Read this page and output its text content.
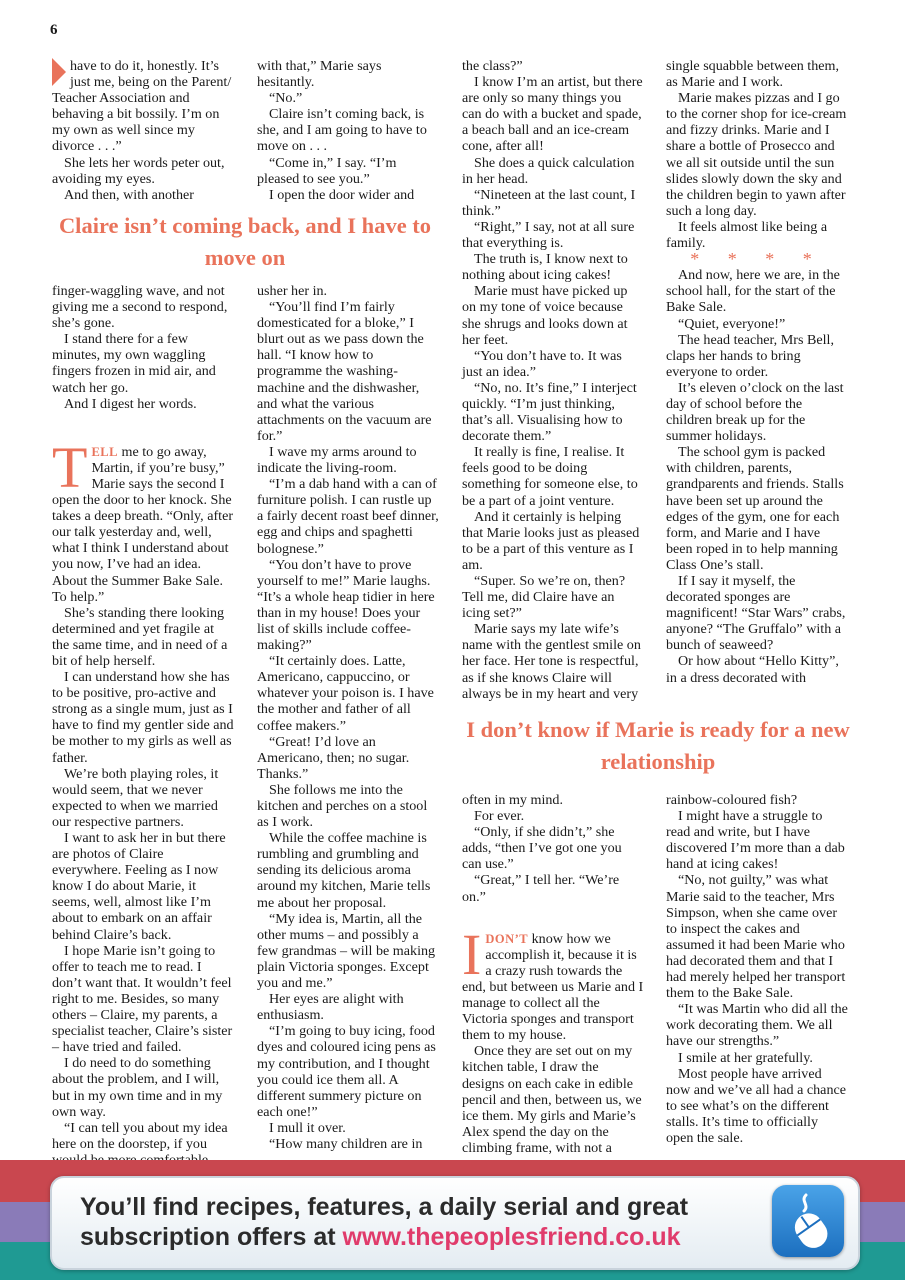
6

have to do it, honestly. It’s just me, being on the Parent/ Teacher Association and behaving a bit bossily. I’m on my own as well since my divorce . . .”

She lets her words peter out, avoiding my eyes.

And then, with another

with that,” Marie says hesitantly.

“No.”

Claire isn’t coming back, is she, and I am going to have to move on . . .

“Come in,” I say. “I’m pleased to see you.”

I open the door wider and

Claire isn’t coming back, and I have to move on

finger-waggling wave, and not giving me a second to respond, she’s gone.

I stand there for a few minutes, my own waggling fingers frozen in mid air, and watch her go.

And I digest her words.

T ELL me to go away, Martin, if you’re busy,” Marie says the second I open the door to her knock. She takes a deep breath. “Only, after our talk yesterday and, well, what I think I understand about you now, I’ve had an idea. About the Summer Bake Sale. To help.”

She’s standing there looking determined and yet fragile at the same time, and in need of a bit of help herself.

I can understand how she has to be positive, pro-active and strong as a single mum, just as I have to find my gentler side and be mother to my girls as well as father.

We’re both playing roles, it would seem, that we never expected to when we married our respective partners.

I want to ask her in but there are photos of Claire everywhere. Feeling as I now know I do about Marie, it seems, well, almost like I’m about to embark on an affair behind Claire’s back.

I hope Marie isn’t going to offer to teach me to read. I don’t want that. It wouldn’t feel right to me. Besides, so many others – Claire, my parents, a specialist teacher, Claire’s sister – have tried and failed.

I do need to do something about the problem, and I will, but in my own time and in my own way.

“I can tell you about my idea here on the doorstep, if you

usher her in.

“You’ll find I’m fairly domesticated for a bloke,” I blurt out as we pass down the hall. “I know how to programme the washing-machine and the dishwasher, and what the various attachments on the vacuum are for.”

I wave my arms around to indicate the living-room.

“I’m a dab hand with a can of furniture polish. I can rustle up a fairly decent roast beef dinner, egg and chips and spaghetti bolognese.”

“You don’t have to prove yourself to me!” Marie laughs. “It’s a whole heap tidier in here than in my house! Does your list of skills include coffee-making?”

“It certainly does. Latte, Americano, cappuccino, or whatever your poison is. I have the mother and father of all coffee makers.”

“Great! I’d love an Americano, then; no sugar. Thanks.”

She follows me into the kitchen and perches on a stool as I work.

While the coffee machine is rumbling and grumbling and sending its delicious aroma around my kitchen, Marie tells me about her proposal.

“My idea is, Martin, all the other mums – and possibly a few grandmas – will be making plain Victoria sponges. Except you and me.”

Her eyes are alight with enthusiasm.

“I’m going to buy icing, food dyes and coloured icing pens as my contribution, and I thought you could ice them all. A different summery picture on each one!”

I mull it over.

“How many children are in

the class?”

I know I’m an artist, but there are only so many things you can do with a bucket and spade, a beach ball and an ice-cream cone, after all!

She does a quick calculation in her head.

“Nineteen at the last count, I think.”

“Right,” I say, not at all sure that everything is.

The truth is, I know next to nothing about icing cakes!

Marie must have picked up on my tone of voice because she shrugs and looks down at her feet.

“You don’t have to. It was just an idea.”

“No, no. It’s fine,” I interject quickly. “I’m just thinking, that’s all. Visualising how to decorate them.”

It really is fine, I realise. It feels good to be doing something for someone else, to be a part of a joint venture.

And it certainly is helping that Marie looks just as pleased to be a part of this venture as I am.

“Super. So we’re on, then? Tell me, did Claire have an icing set?”

Marie says my late wife’s name with the gentlest smile on her face. Her tone is respectful, as if she knows Claire will always be in my heart and very

single squabble between them, as Marie and I work.

Marie makes pizzas and I go to the corner shop for ice-cream and fizzy drinks. Marie and I share a bottle of Prosecco and we all sit outside until the sun slides slowly down the sky and the children begin to yawn after such a long day.

It feels almost like being a family.

* * * *

And now, here we are, in the school hall, for the start of the Bake Sale.

“Quiet, everyone!”

The head teacher, Mrs Bell, claps her hands to bring everyone to order.

It’s eleven o’clock on the last day of school before the children break up for the summer holidays.

The school gym is packed with children, parents, grandparents and friends. Stalls have been set up around the edges of the gym, one for each form, and Marie and I have been roped in to help manning Class One’s stall.

If I say it myself, the decorated sponges are magnificent! “Star Wars” crabs, anyone? “The Gruffalo” with a bunch of seaweed?

Or how about “Hello Kitty”, in a dress decorated with

I don’t know if Marie is ready for a new relationship

often in my mind.

For ever.

“Only, if she didn’t,” she adds, “then I’ve got one you can use.”

“Great,” I tell her. “We’re on.”

I DON’T know how we accomplish it, because it is a crazy rush towards the end, but between us Marie and I manage to collect all the Victoria sponges and transport them to my house.

Once they are set out on my kitchen table, I draw the designs on each cake in edible pencil and then, between us, we ice them. My girls and Marie’s Alex spend the day on the climbing frame, with not a

rainbow-coloured fish?

I might have a struggle to read and write, but I have discovered I’m more than a dab hand at icing cakes!

“No, not guilty,” was what Marie said to the teacher, Mrs Simpson, when she came over to inspect the cakes and assumed it had been Marie who had decorated them and that I had merely helped her transport them to the Bake Sale.

“It was Martin who did all the work decorating them. We all have our strengths.”

I smile at her gratefully.

Most people have arrived now and we’ve all had a chance to see what’s on the different stalls. It’s time to officially open the sale.

You’ll find recipes, features, a daily serial and great
subscription offers at www.thepeoplesfriend.co.uk
